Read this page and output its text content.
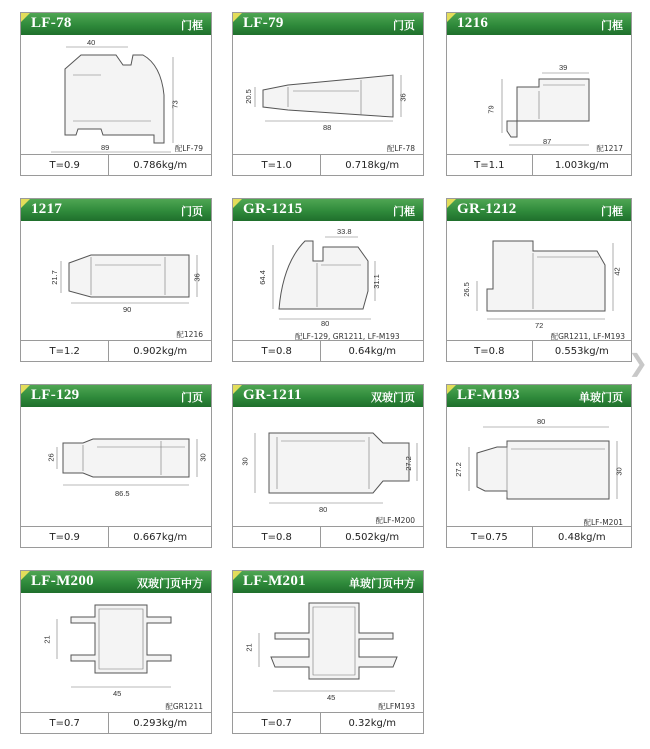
LF-78	门框
40
73
89	配LF-79
T=0.9	0.786kg/m
LF-79	门页
20.5	36
88
配LF-78
T=1.0	0.718kg/m
1216	门框
39
79
87
配1217
T=1.1	1.003kg/m
1217	门页
21.7	36
90
配1216
T=1.2	0.902kg/m
GR-1215	门框
33.8
64.4	31.1
80
配LF-129, GR1211, LF-M193
T=0.8	0.64kg/m
GR-1212	门框
26.5
42
72
配GR1211, LF-M193
T=0.8	0.553kg/m ❯
LF-129	门页
26	30
86.5
T=0.9	0.667kg/m
GR-1211	双玻门页
30	27.2
80
配LF-M200
T=0.8	0.502kg/m
LF-M193	单玻门页
80
27.2	30
配LF-M201
T=0.75	0.48kg/m
LF-M200	双玻门页中方
21
45
配GR1211
T=0.7	0.293kg/m
LF-M201	单玻门页中方
21
45
配LFM193
T=0.7	0.32kg/m
